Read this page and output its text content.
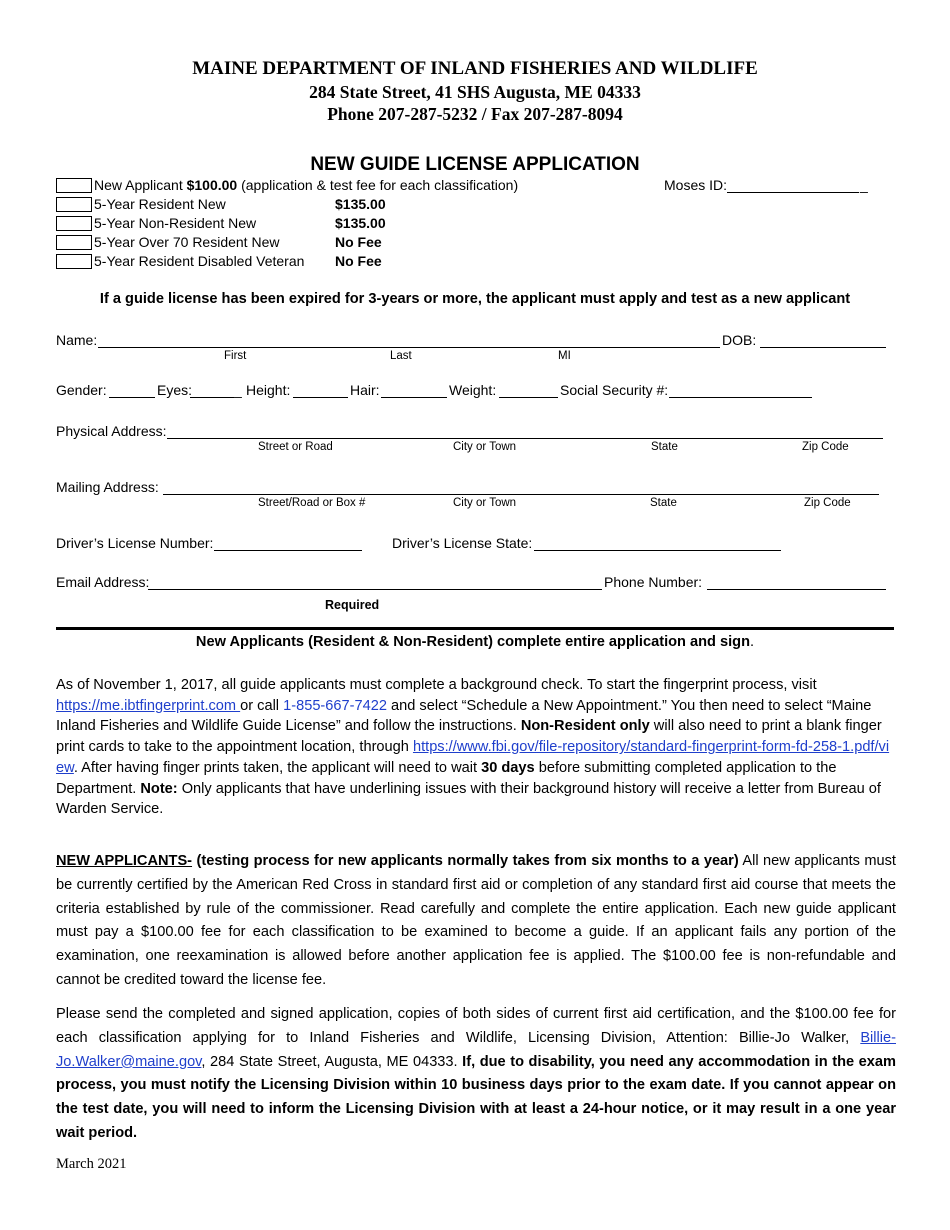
MAINE DEPARTMENT OF INLAND FISHERIES AND WILDLIFE
284 State Street, 41 SHS Augusta, ME 04333
Phone 207-287-5232 / Fax 207-287-8094
NEW GUIDE LICENSE APPLICATION
New Applicant $100.00 (application & test fee for each classification)
5-Year Resident New	$135.00
5-Year Non-Resident New	$135.00
5-Year Over 70 Resident New	No Fee
5-Year Resident Disabled Veteran No Fee
Moses ID:	_
If a guide license has been expired for 3-years or more, the applicant must apply and test as a new applicant
Name:	DOB:
First	Last	MI
Gender:	Eyes:	_ Height:	Hair:	Weight:	Social Security #:
Physical Address:
Street or Road	City or Town	State	Zip Code
Mailing Address:
Street/Road or Box #	City or Town	State	Zip Code
Driver’s License Number:	Driver’s License State:
Email Address:	Phone Number:
Required
New Applicants (Resident & Non-Resident) complete entire application and sign.
As of November 1, 2017, all guide applicants must complete a background check. To start the fingerprint process, visit https://me.ibtfingerprint.com or call 1-855-667-7422 and select “Schedule a New Appointment.” You then need to select “Maine Inland Fisheries and Wildlife Guide License” and follow the instructions. Non-Resident only will also need to print a blank finger print cards to take to the appointment location, through https://www.fbi.gov/file-repository/standard-fingerprint-form-fd-258-1.pdf/view. After having finger prints taken, the applicant will need to wait 30 days before submitting completed application to the Department. Note: Only applicants that have underlining issues with their background history will receive a letter from Bureau of Warden Service.
NEW APPLICANTS- (testing process for new applicants normally takes from six months to a year) All new applicants must be currently certified by the American Red Cross in standard first aid or completion of any standard first aid course that meets the criteria established by rule of the commissioner. Read carefully and complete the entire application. Each new guide applicant must pay a $100.00 fee for each classification to be examined to become a guide. If an applicant fails any portion of the examination, one reexamination is allowed before another application fee is applied. The $100.00 fee is non-refundable and cannot be credited toward the license fee.
Please send the completed and signed application, copies of both sides of current first aid certification, and the $100.00 fee for each classification applying for to Inland Fisheries and Wildlife, Licensing Division, Attention: Billie-Jo Walker, Billie-Jo.Walker@maine.gov, 284 State Street, Augusta, ME 04333. If, due to disability, you need any accommodation in the exam process, you must notify the Licensing Division within 10 business days prior to the exam date. If you cannot appear on the test date, you will need to inform the Licensing Division with at least a 24-hour notice, or it may result in a one year wait period.
March 2021
